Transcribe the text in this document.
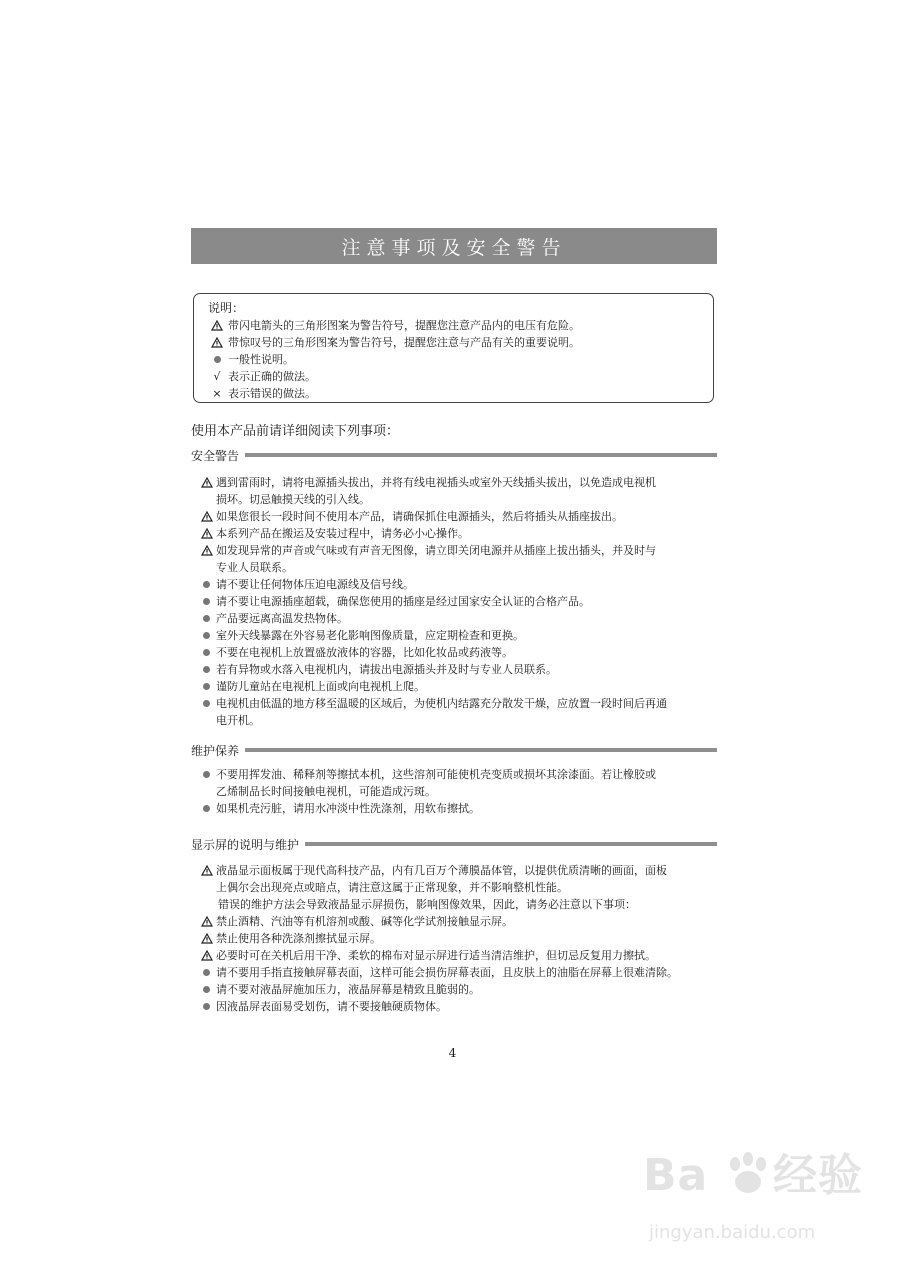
注意事项及安全警告
说明：
带闪电箭头的三角形图案为警告符号，提醒您注意产品内的电压有危险。
带惊叹号的三角形图案为警告符号，提醒您注意与产品有关的重要说明。
一般性说明。
√ 表示正确的做法。
× 表示错误的做法。
使用本产品前请详细阅读下列事项：
安全警告
遇到雷雨时，请将电源插头拔出，并将有线电视插头或室外天线插头拔出，以免造成电视机
损坏。切忌触摸天线的引入线。
如果您很长一段时间不使用本产品，请确保抓住电源插头，然后将插头从插座拔出。
本系列产品在搬运及安装过程中，请务必小心操作。
如发现异常的声音或气味或有声音无图像，请立即关闭电源并从插座上拔出插头，并及时与
专业人员联系。
请不要让任何物体压迫电源线及信号线。
请不要让电源插座超载，确保您使用的插座是经过国家安全认证的合格产品。
产品要远离高温发热物体。
室外天线暴露在外容易老化影响图像质量，应定期检查和更换。
不要在电视机上放置盛放液体的容器，比如化妆品或药液等。
若有异物或水落入电视机内，请拔出电源插头并及时与专业人员联系。
谨防儿童站在电视机上面或向电视机上爬。
电视机由低温的地方移至温暖的区域后，为使机内结露充分散发干燥，应放置一段时间后再通
电开机。
维护保养
不要用挥发油、稀释剂等擦拭本机，这些溶剂可能使机壳变质或损坏其涂漆面。若让橡胶或
乙烯制品长时间接触电视机，可能造成污斑。
如果机壳污脏，请用水冲淡中性洗涤剂，用软布擦拭。
显示屏的说明与维护
液晶显示面板属于现代高科技产品，内有几百万个薄膜晶体管，以提供优质清晰的画面，面板
上偶尔会出现亮点或暗点，请注意这属于正常现象，并不影响整机性能。
错误的维护方法会导致液晶显示屏损伤，影响图像效果，因此，请务必注意以下事项：
禁止酒精、汽油等有机溶剂或酸、碱等化学试剂接触显示屏。
禁止使用各种洗涤剂擦拭显示屏。
必要时可在关机后用干净、柔软的棉布对显示屏进行适当清洁维护，但切忌反复用力擦拭。
请不要用手指直接触屏幕表面，这样可能会损伤屏幕表面，且皮肤上的油脂在屏幕上很难清除。
请不要对液晶屏施加压力，液晶屏幕是精致且脆弱的。
因液晶屏表面易受划伤，请不要接触硬质物体。
4
Ba 经验
jingyan.baidu.com
